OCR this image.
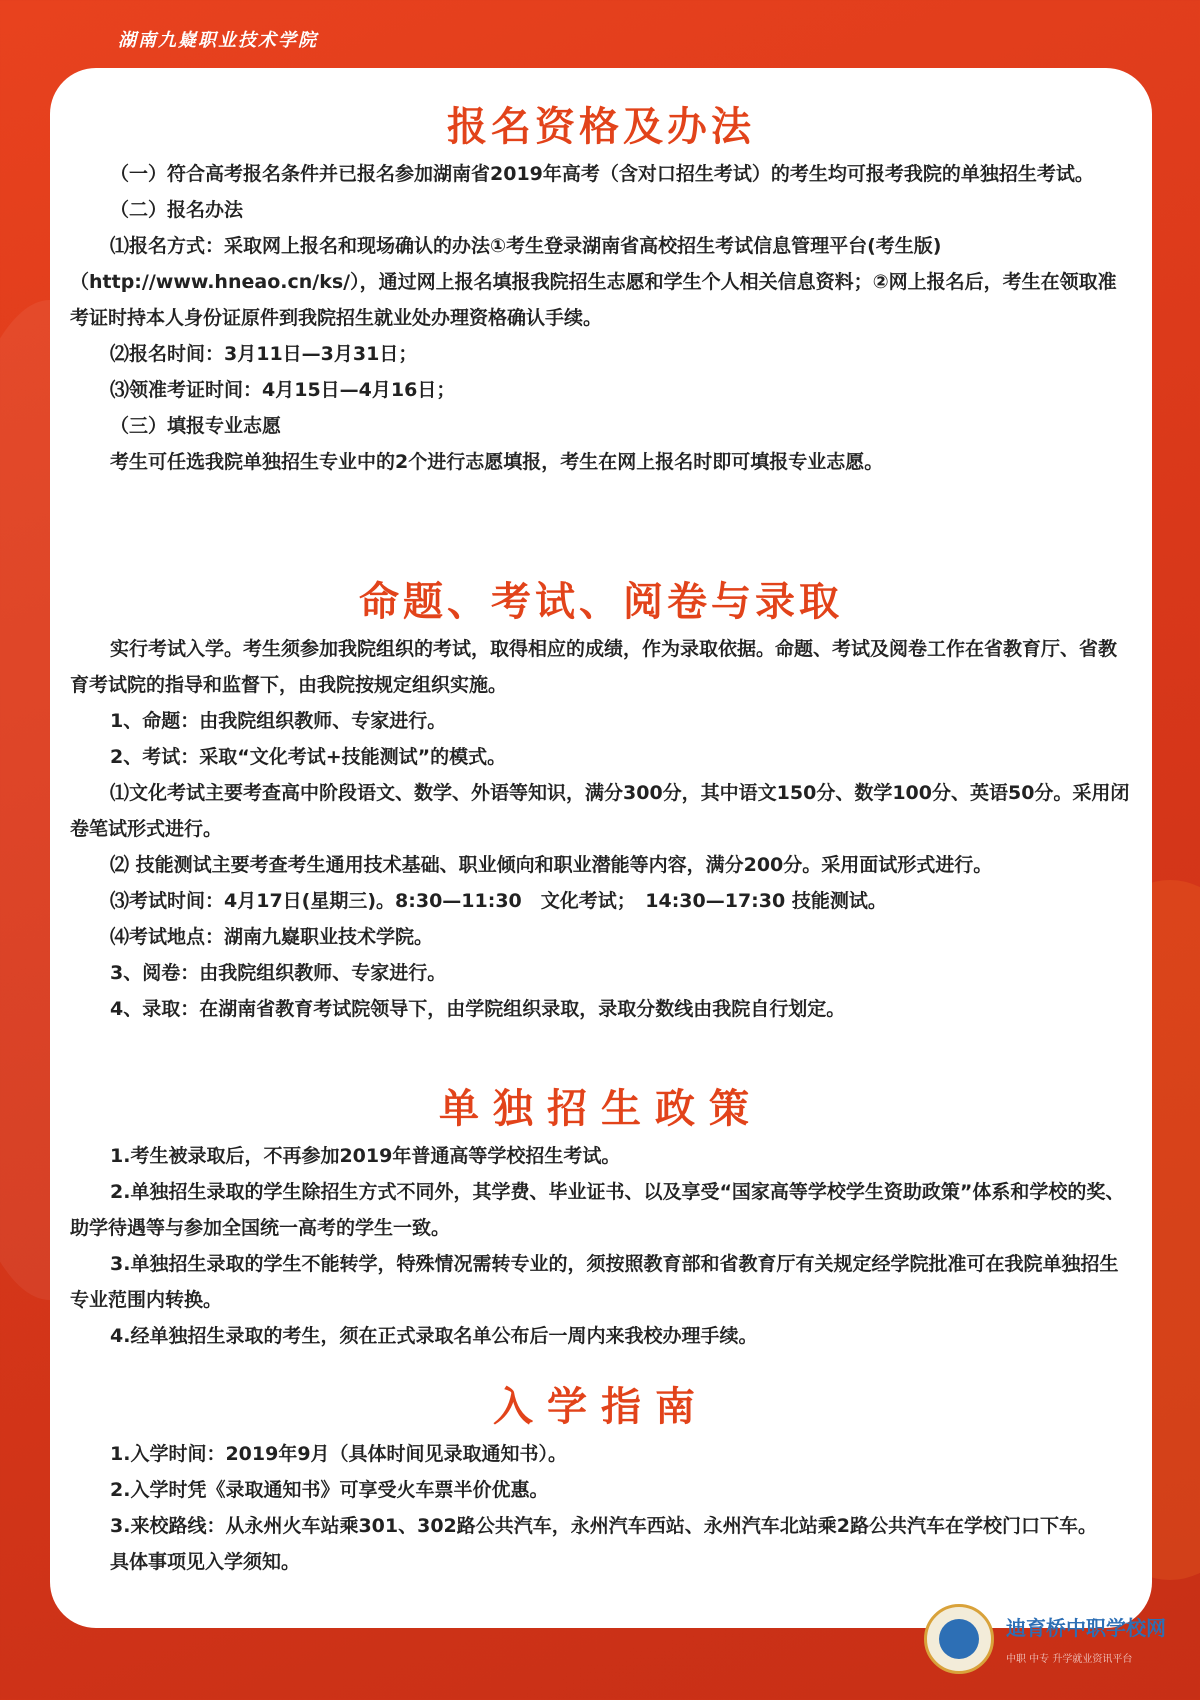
湖南九嶷职业技术学院
报名资格及办法

（一）符合高考报名条件并已报名参加湖南省2019年高考（含对口招生考试）的考生均可报考我院的单独招生考试。

（二）报名办法

⑴报名方式：采取网上报名和现场确认的办法①考生登录湖南省高校招生考试信息管理平台(考生版)（http://www.hneao.cn/ks/），通过网上报名填报我院招生志愿和学生个人相关信息资料；②网上报名后，考生在领取准考证时持本人身份证原件到我院招生就业处办理资格确认手续。

⑵报名时间：3月11日—3月31日；

⑶领准考证时间：4月15日—4月16日；

（三）填报专业志愿

考生可任选我院单独招生专业中的2个进行志愿填报，考生在网上报名时即可填报专业志愿。

命题、考试、阅卷与录取

实行考试入学。考生须参加我院组织的考试，取得相应的成绩，作为录取依据。命题、考试及阅卷工作在省教育厅、省教育考试院的指导和监督下，由我院按规定组织实施。

1、命题：由我院组织教师、专家进行。

2、考试：采取“文化考试+技能测试”的模式。

⑴文化考试主要考查高中阶段语文、数学、外语等知识，满分300分，其中语文150分、数学100分、英语50分。采用闭卷笔试形式进行。

⑵ 技能测试主要考查考生通用技术基础、职业倾向和职业潜能等内容，满分200分。采用面试形式进行。

⑶考试时间：4月17日(星期三)。8:30—11:30　文化考试；　14:30—17:30 技能测试。

⑷考试地点：湖南九嶷职业技术学院。

3、阅卷：由我院组织教师、专家进行。

4、录取：在湖南省教育考试院领导下，由学院组织录取，录取分数线由我院自行划定。

单独招生政策

1.考生被录取后，不再参加2019年普通高等学校招生考试。

2.单独招生录取的学生除招生方式不同外，其学费、毕业证书、以及享受“国家高等学校学生资助政策”体系和学校的奖、助学待遇等与参加全国统一高考的学生一致。

3.单独招生录取的学生不能转学，特殊情况需转专业的，须按照教育部和省教育厅有关规定经学院批准可在我院单独招生专业范围内转换。

4.经单独招生录取的考生，须在正式录取名单公布后一周内来我校办理手续。

入学指南

1.入学时间：2019年9月（具体时间见录取通知书）。

2.入学时凭《录取通知书》可享受火车票半价优惠。

3.来校路线：从永州火车站乘301、302路公共汽车，永州汽车西站、永州汽车北站乘2路公共汽车在学校门口下车。

具体事项见入学须知。

迪育桥中职学校网
中职 中专 升学就业资讯平台
